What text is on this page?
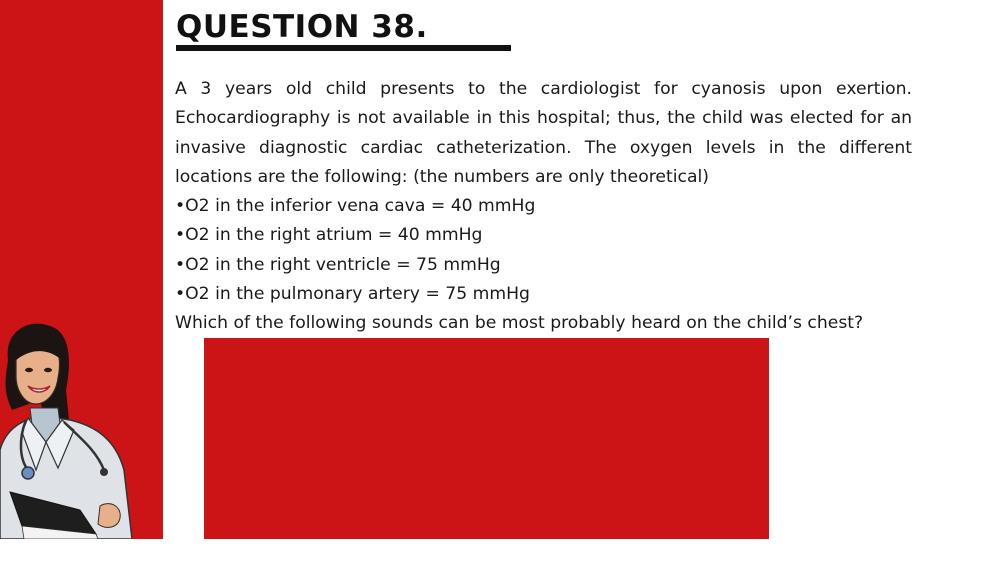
QUESTION 38.

A 3 years old child presents to the cardiologist for cyanosis upon exertion. Echocardiography is not available in this hospital; thus, the child was elected for an invasive diagnostic cardiac catheterization. The oxygen levels in the different locations are the following: (the numbers are only theoretical)

•O2 in the inferior vena cava = 40 mmHg

•O2 in the right atrium = 40 mmHg

•O2 in the right ventricle = 75 mmHg

•O2 in the pulmonary artery = 75 mmHg

Which of the following sounds can be most probably heard on the child’s chest?
